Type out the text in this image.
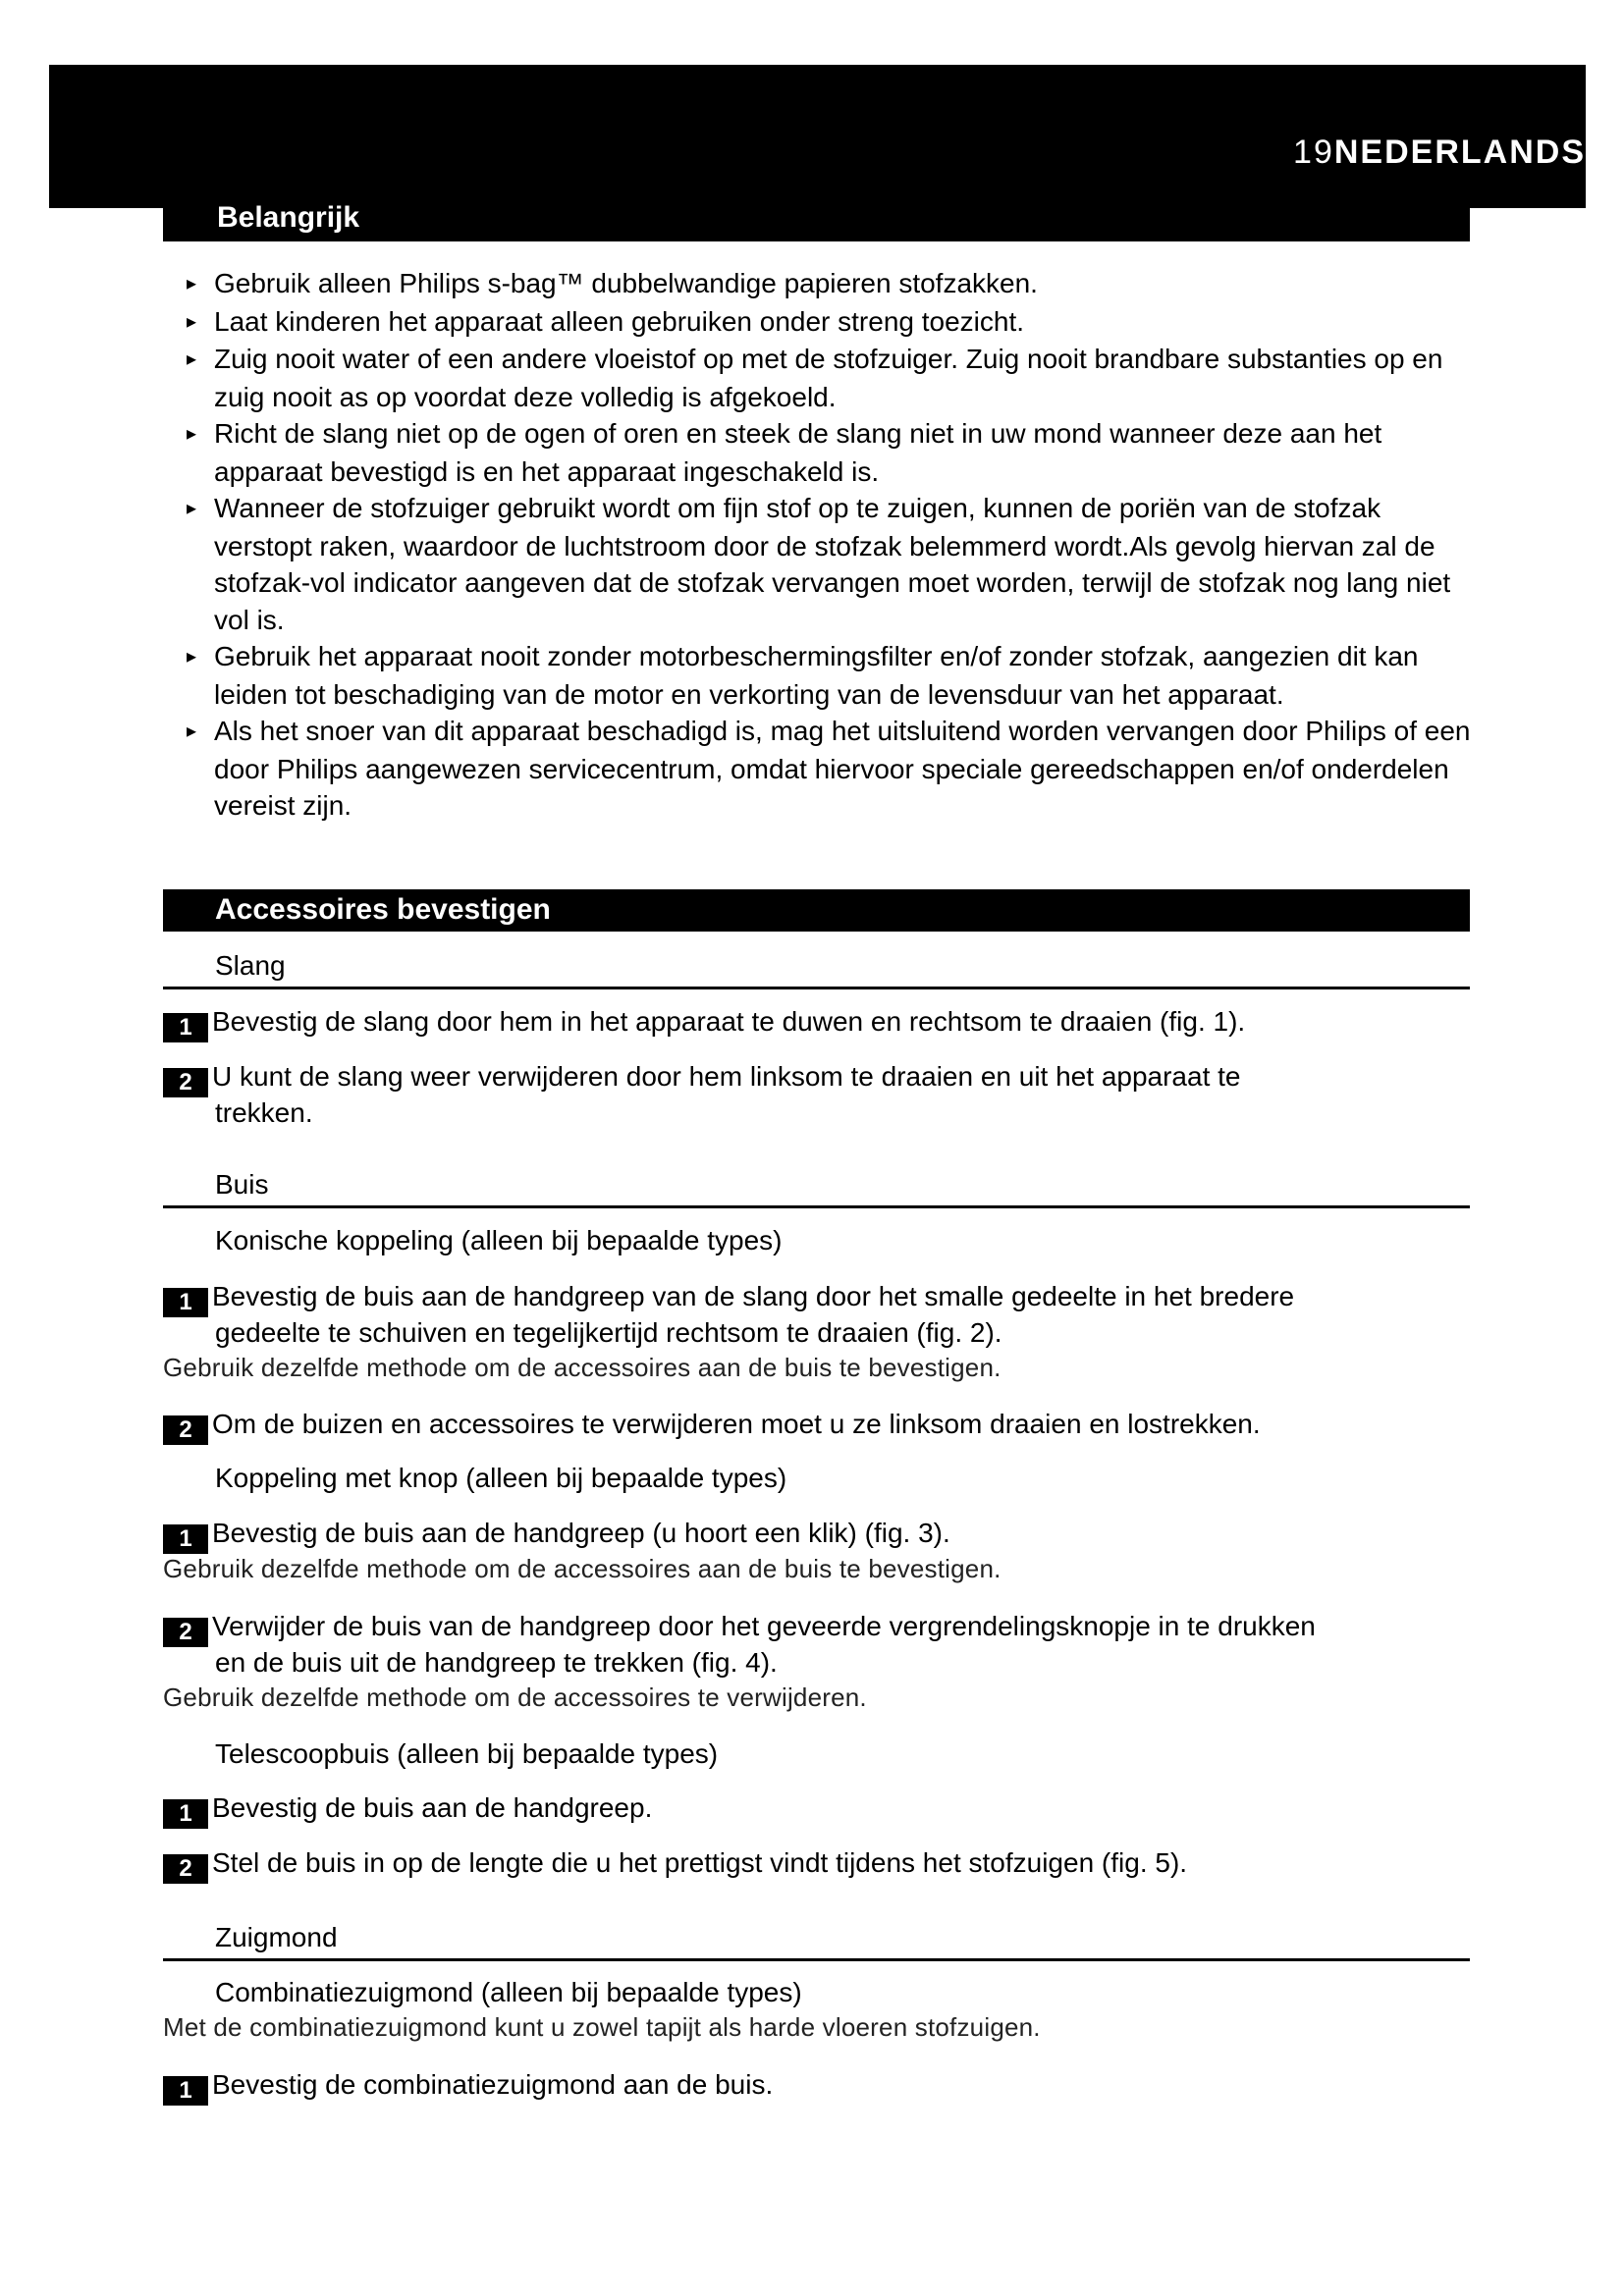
19NEDERLANDS
Belangrijk
▸ Gebruik alleen Philips s-bag™ dubbelwandige papieren stofzakken.
▸ Laat kinderen het apparaat alleen gebruiken onder streng toezicht.
▸ Zuig nooit water of een andere vloeistof op met de stofzuiger. Zuig nooit brandbare substanties op en zuig nooit as op voordat deze volledig is afgekoeld.
▸ Richt de slang niet op de ogen of oren en steek de slang niet in uw mond wanneer deze aan het apparaat bevestigd is en het apparaat ingeschakeld is.
▸ Wanneer de stofzuiger gebruikt wordt om fijn stof op te zuigen, kunnen de poriën van de stofzak verstopt raken, waardoor de luchtstroom door de stofzak belemmerd wordt.Als gevolg hiervan zal de stofzak-vol indicator aangeven dat de stofzak vervangen moet worden, terwijl de stofzak nog lang niet vol is.
▸ Gebruik het apparaat nooit zonder motorbeschermingsfilter en/of zonder stofzak, aangezien dit kan leiden tot beschadiging van de motor en verkorting van de levensduur van het apparaat.
▸ Als het snoer van dit apparaat beschadigd is, mag het uitsluitend worden vervangen door Philips of een door Philips aangewezen servicecentrum, omdat hiervoor speciale gereedschappen en/of onderdelen vereist zijn.
Accessoires bevestigen
Slang
1 Bevestig de slang door hem in het apparaat te duwen en rechtsom te draaien (fig. 1).
2 U kunt de slang weer verwijderen door hem linksom te draaien en uit het apparaat te
trekken.
Buis
Konische koppeling (alleen bij bepaalde types)
1 Bevestig de buis aan de handgreep van de slang door het smalle gedeelte in het bredere
gedeelte te schuiven en tegelijkertijd rechtsom te draaien (fig. 2).
Gebruik dezelfde methode om de accessoires aan de buis te bevestigen.
2 Om de buizen en accessoires te verwijderen moet u ze linksom draaien en lostrekken.
Koppeling met knop (alleen bij bepaalde types)
1 Bevestig de buis aan de handgreep (u hoort een klik) (fig. 3).
Gebruik dezelfde methode om de accessoires aan de buis te bevestigen.
2 Verwijder de buis van de handgreep door het geveerde vergrendelingsknopje in te drukken
en de buis uit de handgreep te trekken (fig. 4).
Gebruik dezelfde methode om de accessoires te verwijderen.
Telescoopbuis (alleen bij bepaalde types)
1 Bevestig de buis aan de handgreep.
2 Stel de buis in op de lengte die u het prettigst vindt tijdens het stofzuigen (fig. 5).
Zuigmond
Combinatiezuigmond (alleen bij bepaalde types)
Met de combinatiezuigmond kunt u zowel tapijt als harde vloeren stofzuigen.
1 Bevestig de combinatiezuigmond aan de buis.
